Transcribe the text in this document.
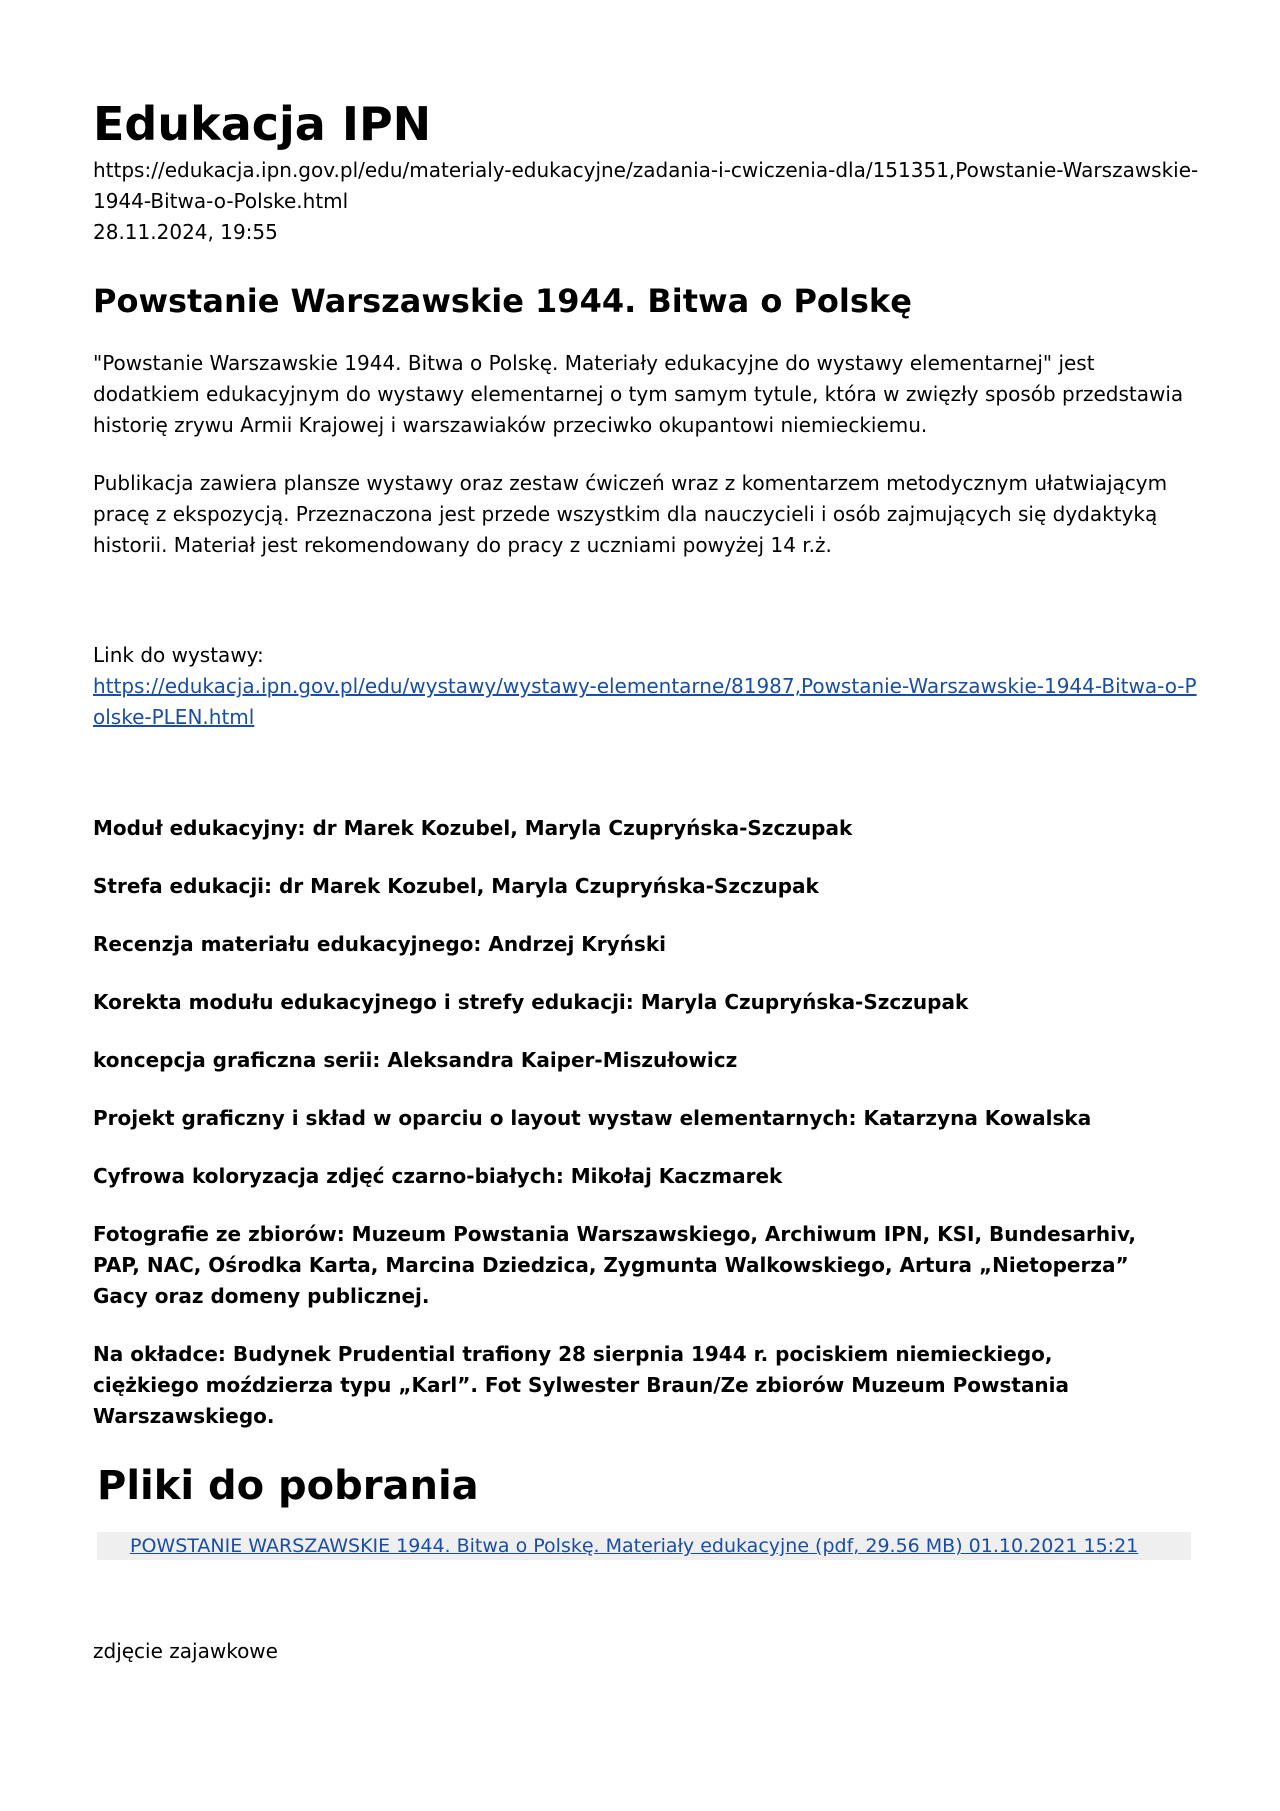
Edukacja IPN
https://edukacja.ipn.gov.pl/edu/materialy-edukacyjne/zadania-i-cwiczenia-dla/151351,Powstanie-Warszawskie-1944-Bitwa-o-Polske.html
28.11.2024, 19:55
Powstanie Warszawskie 1944. Bitwa o Polskę

"Powstanie Warszawskie 1944. Bitwa o Polskę. Materiały edukacyjne do wystawy elementarnej" jest dodatkiem edukacyjnym do wystawy elementarnej o tym samym tytule, która w zwięzły sposób przedstawia historię zrywu Armii Krajowej i warszawiaków przeciwko okupantowi niemieckiemu.

Publikacja zawiera plansze wystawy oraz zestaw ćwiczeń wraz z komentarzem metodycznym ułatwiającym pracę z ekspozycją. Przeznaczona jest przede wszystkim dla nauczycieli i osób zajmujących się dydaktyką historii. Materiał jest rekomendowany do pracy z uczniami powyżej 14 r.ż.

Link do wystawy:
https://edukacja.ipn.gov.pl/edu/wystawy/wystawy-elementarne/81987,Powstanie-Warszawskie-1944-Bitwa-o-Polske-PLEN.html

Moduł edukacyjny: dr Marek Kozubel, Maryla Czupryńska-Szczupak

Strefa edukacji: dr Marek Kozubel, Maryla Czupryńska-Szczupak

Recenzja materiału edukacyjnego: Andrzej Kryński

Korekta modułu edukacyjnego i strefy edukacji: Maryla Czupryńska-Szczupak

koncepcja graficzna serii: Aleksandra Kaiper-Miszułowicz

Projekt graficzny i skład w oparciu o layout wystaw elementarnych: Katarzyna Kowalska

Cyfrowa koloryzacja zdjęć czarno-białych: Mikołaj Kaczmarek

Fotografie ze zbiorów: Muzeum Powstania Warszawskiego, Archiwum IPN, KSI, Bundesarhiv, PAP, NAC, Ośrodka Karta, Marcina Dziedzica, Zygmunta Walkowskiego, Artura „Nietoperza” Gacy oraz domeny publicznej.

Na okładce: Budynek Prudential trafiony 28 sierpnia 1944 r. pociskiem niemieckiego, ciężkiego moździerza typu „Karl”. Fot Sylwester Braun/Ze zbiorów Muzeum Powstania Warszawskiego.

Pliki do pobrania
POWSTANIE WARSZAWSKIE 1944. Bitwa o Polskę. Materiały edukacyjne (pdf, 29.56 MB) 01.10.2021 15:21
zdjęcie zajawkowe
